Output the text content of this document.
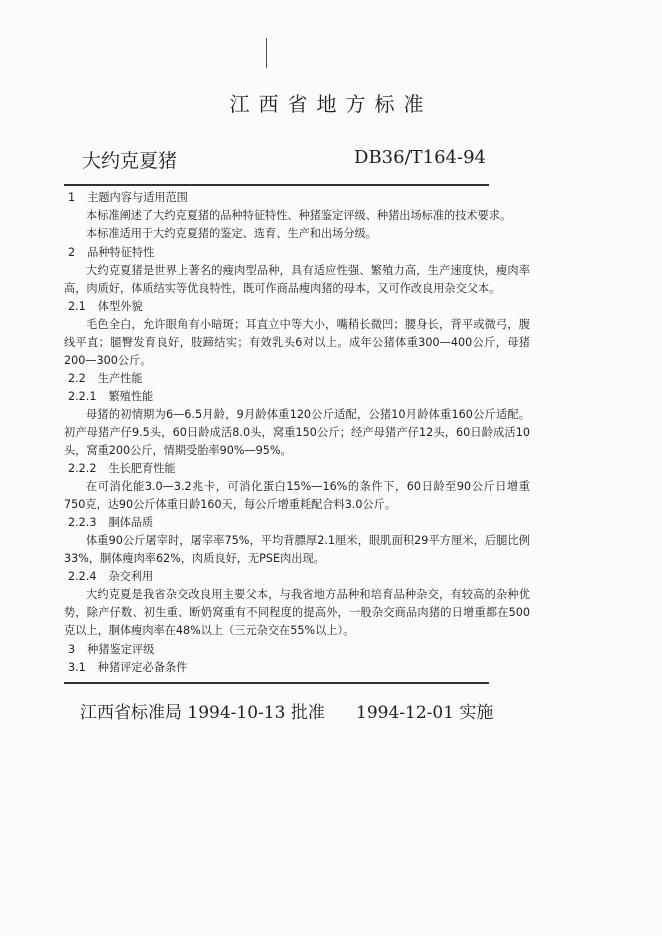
江西省地方标准
大约克夏猪	DB36/T164-94
1 主题内容与适用范围
本标准阐述了大约克夏猪的品种特征特性、种猪鉴定评级、种猪出场标准的技术要求。
本标准适用于大约克夏猪的鉴定、选育、生产和出场分级。
2 品种特征特性
大约克夏猪是世界上著名的瘦肉型品种，具有适应性强、繁殖力高，生产速度快，瘦肉率高，肉质好，体质结实等优良特性，既可作商品瘦肉猪的母本，又可作改良用杂交父本。
2.1 体型外貌
毛色全白，允许眼角有小暗斑；耳直立中等大小，嘴稍长微凹；腰身长，背平或微弓，腹线平直；腿臀发育良好，肢蹄结实；有效乳头6对以上。成年公猪体重300—400公斤，母猪200—300公斤。
2.2 生产性能
2.2.1 繁殖性能
母猪的初情期为6—6.5月龄，9月龄体重120公斤适配，公猪10月龄体重160公斤适配。初产母猪产仔9.5头，60日龄成活8.0头，窝重150公斤；经产母猪产仔12头，60日龄成活10头，窝重200公斤，情期受胎率90%—95%。
2.2.2 生长肥育性能
在可消化能3.0—3.2兆卡，可消化蛋白15%—16%的条件下，60日龄至90公斤日增重750克，达90公斤体重日龄160天，每公斤增重耗配合料3.0公斤。
2.2.3 胴体品质
体重90公斤屠宰时，屠宰率75%，平均背膘厚2.1厘米，眼肌面积29平方厘米，后腿比例33%，胴体瘦肉率62%，肉质良好，无PSE肉出现。
2.2.4 杂交利用
大约克夏是我省杂交改良用主要父本，与我省地方品种和培育品种杂交，有较高的杂种优势，除产仔数、初生重、断奶窝重有不同程度的提高外，一般杂交商品肉猪的日增重都在500克以上，胴体瘦肉率在48%以上（三元杂交在55%以上）。
3 种猪鉴定评级
3.1 种猪评定必备条件
江西省标准局 1994-10-13 批准 1994-12-01 实施
